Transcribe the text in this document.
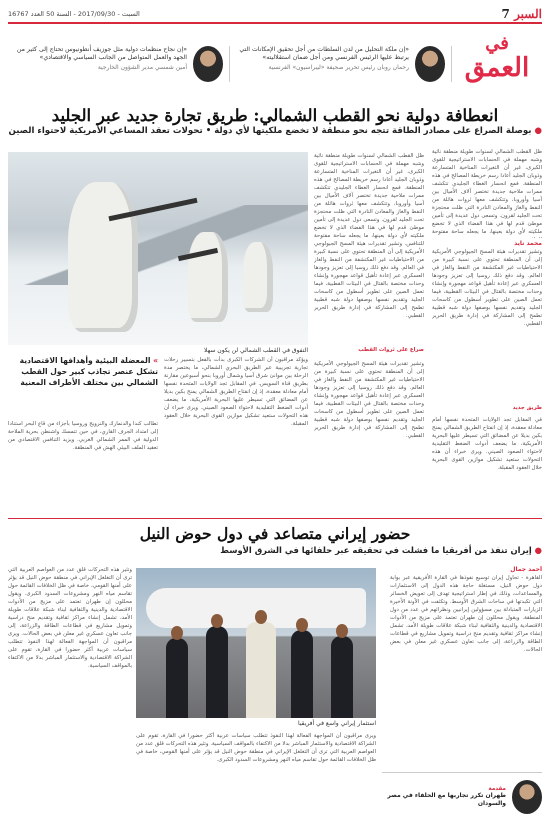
السبر 7
السبت - 2017/09/30 - السنة 50 العدد 16767
في
العمق
«إن ملكة التحليل من لدن السلطات من أجل تحقيق الإمكانات التي يرتبط عليها الرئيس الفرنسي ومن أجل ضمان استقلاليته»
رحمان روبان رئيس تحرير صحيفة «ليبراسيون» الفرنسية
«إن نجاح منظمات دولية مثل جوزيف أنطونيوس تحتاج إلى كثير من الجهد والعمل المتواصل من الجانب السياسي والاقتصادي»
أمين شمسي مدير الشؤون الخارجية
انعطافة دولية نحو القطب الشمالي: طريق تجارة جديد عبر الجليد
● بوصلة الصراع على مصادر الطاقة تتجه نحو منطقة لا تخضع ملكيتها لأي دولة • تحولات تعقد المساعي الأمريكية لاحتواء الصين
ظل القطب الشمالي لسنوات طويلة منطقة نائية وشبه مهملة في الحسابات الاستراتيجية للقوى الكبرى، غير أن التغيرات المناخية المتسارعة وذوبان الجليد أعادا رسم خريطة المصالح في هذه المنطقة. فمع انحسار الغطاء الجليدي تتكشف ممرات ملاحية جديدة تختصر آلاف الأميال بين آسيا وأوروبا، وتتكشف معها ثروات هائلة من النفط والغاز والمعادن النادرة التي ظلت محتجزة تحت الجليد لقرون. وتسعى دول عديدة إلى تأمين موطئ قدم لها في هذا الفضاء الذي لا تخضع ملكيته لأي دولة بعينها، ما يجعله ساحة مفتوحة
محمد نايد
وتشير تقديرات هيئة المسح الجيولوجي الأمريكية إلى أن المنطقة تحتوي على نسبة كبيرة من الاحتياطيات غير المكتشفة من النفط والغاز في العالم. وقد دفع ذلك روسيا إلى تعزيز وجودها العسكري عبر إعادة تأهيل قواعد مهجورة وإنشاء وحدات مختصة بالقتال في البيئات القطبية، فيما تعمل الصين على تطوير أسطول من كاسحات الجليد وتقديم نفسها بوصفها دولة شبه قطبية تطمح إلى المشاركة في إدارة طريق الحرير القطبي.
طريق جديد
في المقابل تجد الولايات المتحدة نفسها أمام معادلة معقدة، إذ إن انفتاح الطريق الشمالي يمنح بكين بديلا عن المضائق التي تسيطر عليها البحرية الأمريكية، ما يضعف أدوات الضغط التقليدية لاحتواء الصعود الصيني. ويرى خبراء أن هذه التحولات ستعيد تشكيل موازين القوى البحرية خلال العقود المقبلة.
ظل القطب الشمالي لسنوات طويلة منطقة نائية وشبه مهملة في الحسابات الاستراتيجية للقوى الكبرى، غير أن التغيرات المناخية المتسارعة وذوبان الجليد أعادا رسم خريطة المصالح في هذه المنطقة. فمع انحسار الغطاء الجليدي تتكشف ممرات ملاحية جديدة تختصر آلاف الأميال بين آسيا وأوروبا، وتتكشف معها ثروات هائلة من النفط والغاز والمعادن النادرة التي ظلت محتجزة تحت الجليد لقرون. وتسعى دول عديدة إلى تأمين موطئ قدم لها في هذا الفضاء الذي لا تخضع ملكيته لأي دولة بعينها، ما يجعله ساحة مفتوحة للتنافس. وتشير تقديرات هيئة المسح الجيولوجي الأمريكية إلى أن المنطقة تحتوي على نسبة كبيرة من الاحتياطيات غير المكتشفة من النفط والغاز في العالم. وقد دفع ذلك روسيا إلى تعزيز وجودها العسكري عبر إعادة تأهيل قواعد مهجورة وإنشاء وحدات مختصة بالقتال في البيئات القطبية، فيما تعمل الصين على تطوير أسطول من كاسحات الجليد وتقديم نفسها بوصفها دولة شبه قطبية تطمح إلى المشاركة في إدارة طريق الحرير القطبي.
التفوق في القطب الشمالي لن يكون سهلا
» المعضلة البيئية وأهدافها الاقتصادية تشكل عنصر تجاذب كبير حول القطب الشمالي بين مختلف الأطراف المعنية
تطالب كندا والدنمارك والنرويج وروسيا بأجزاء من قاع البحر استنادا إلى امتداد الجرف القاري، في حين تتمسك واشنطن بحرية الملاحة الدولية في الممر الشمالي الغربي. ويزيد التنافس الاقتصادي من تعقيد الملف البيئي الهش في المنطقة.
ويؤكد مراقبون أن الشركات الكبرى بدأت بالفعل بتسيير رحلات تجارية تجريبية عبر الطريق البحري الشمالي، ما يختصر مدة الرحلة بين موانئ شرق آسيا وشمال أوروبا بنحو أسبوعين مقارنة بطريق قناة السويس. في المقابل تجد الولايات المتحدة نفسها أمام معادلة معقدة، إذ إن انفتاح الطريق الشمالي يمنح بكين بديلا عن المضائق التي تسيطر عليها البحرية الأمريكية، ما يضعف أدوات الضغط التقليدية لاحتواء الصعود الصيني. ويرى خبراء أن هذه التحولات ستعيد تشكيل موازين القوى البحرية خلال العقود المقبلة.
صراع على ثروات القطب
وتشير تقديرات هيئة المسح الجيولوجي الأمريكية إلى أن المنطقة تحتوي على نسبة كبيرة من الاحتياطيات غير المكتشفة من النفط والغاز في العالم. وقد دفع ذلك روسيا إلى تعزيز وجودها العسكري عبر إعادة تأهيل قواعد مهجورة وإنشاء وحدات مختصة بالقتال في البيئات القطبية، فيما تعمل الصين على تطوير أسطول من كاسحات الجليد وتقديم نفسها بوصفها دولة شبه قطبية تطمح إلى المشاركة في إدارة طريق الحرير القطبي.
حضور إيراني متصاعد في دول حوض النيل
● إيران تنفذ من أفريقيا ما فشلت في تحقيقه عبر حلفائها في الشرق الأوسط
أحمد جمال
القاهرة - تحاول إيران توسيع نفوذها في القارة الأفريقية عبر بوابة دول حوض النيل، مستغلة حاجة هذه الدول إلى الاستثمارات والمساعدات، وذلك في إطار استراتيجية تهدف إلى تعويض الخسائر التي تكبدتها في ساحات الشرق الأوسط. وتكثفت في الآونة الأخيرة الزيارات المتبادلة بين مسؤولين إيرانيين ونظرائهم في عدد من دول المنطقة. ويقول محللون إن طهران تعتمد على مزيج من الأدوات الاقتصادية والدينية والثقافية لبناء شبكة علاقات طويلة الأمد، تشمل إنشاء مراكز ثقافية وتقديم منح دراسية وتمويل مشاريع في قطاعات الطاقة والزراعة، إلى جانب تعاون عسكري غير معلن في بعض الحالات.
استثمار إيراني واسع في أفريقيا
وتثير هذه التحركات قلق عدد من العواصم العربية التي ترى أن التغلغل الإيراني في منطقة حوض النيل قد يؤثر على أمنها القومي، خاصة في ظل الخلافات القائمة حول تقاسم مياه النهر ومشروعات السدود الكبرى. ويقول محللون إن طهران تعتمد على مزيج من الأدوات الاقتصادية والدينية والثقافية لبناء شبكة علاقات طويلة الأمد، تشمل إنشاء مراكز ثقافية وتقديم منح دراسية وتمويل مشاريع في قطاعات الطاقة والزراعة، إلى جانب تعاون عسكري غير معلن في بعض الحالات. ويرى مراقبون أن المواجهة الفعالة لهذا النفوذ تتطلب سياسات عربية أكثر حضورا في القارة، تقوم على الشراكة الاقتصادية والاستثمار المباشر بدلا من الاكتفاء بالمواقف السياسية.
ويرى مراقبون أن المواجهة الفعالة لهذا النفوذ تتطلب سياسات عربية أكثر حضورا في القارة، تقوم على الشراكة الاقتصادية والاستثمار المباشر بدلا من الاكتفاء بالمواقف السياسية. وتثير هذه التحركات قلق عدد من العواصم العربية التي ترى أن التغلغل الإيراني في منطقة حوض النيل قد يؤثر على أمنها القومي، خاصة في ظل الخلافات القائمة حول تقاسم مياه النهر ومشروعات السدود الكبرى.
مقدمة
طهران تكرر تجاربها مع الحلفاء في مصر والسودان
